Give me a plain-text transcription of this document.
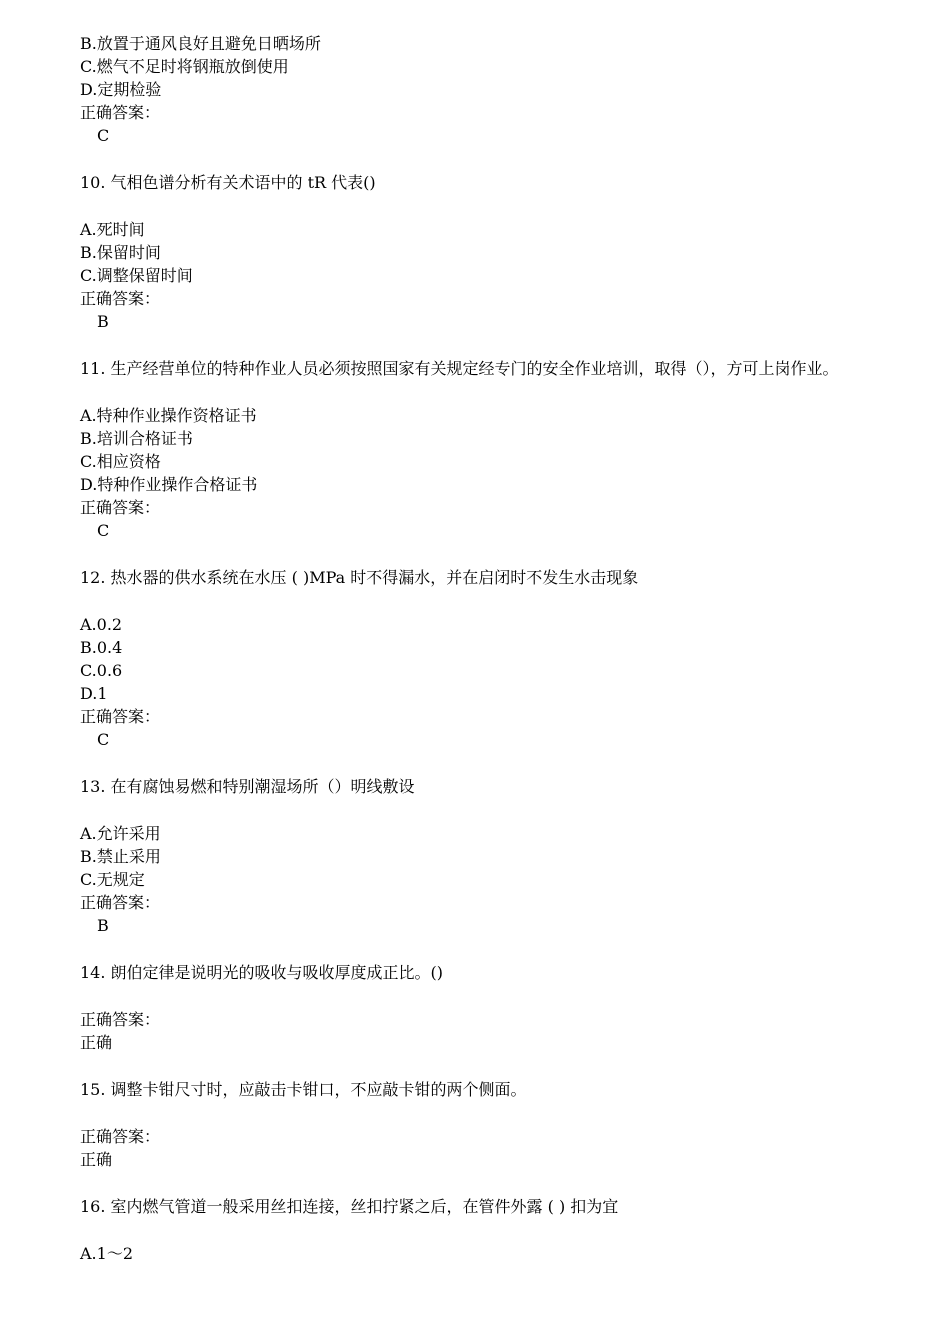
B.放置于通风良好且避免日晒场所
C.燃气不足时将钢瓶放倒使用
D.定期检验
正确答案：
C
10. 气相色谱分析有关术语中的 tR 代表()
A.死时间
B.保留时间
C.调整保留时间
正确答案：
B
11. 生产经营单位的特种作业人员必须按照国家有关规定经专门的安全作业培训，取得（），方可上岗作业。
A.特种作业操作资格证书
B.培训合格证书
C.相应资格
D.特种作业操作合格证书
正确答案：
C
12. 热水器的供水系统在水压 ( )MPa 时不得漏水，并在启闭时不发生水击现象
A.0.2
B.0.4
C.0.6
D.1
正确答案：
C
13. 在有腐蚀易燃和特别潮湿场所（）明线敷设
A.允许采用
B.禁止采用
C.无规定
正确答案：
B
14. 朗伯定律是说明光的吸收与吸收厚度成正比。()
正确答案：
正确
15. 调整卡钳尺寸时，应敲击卡钳口，不应敲卡钳的两个侧面。
正确答案：
正确
16. 室内燃气管道一般采用丝扣连接，丝扣拧紧之后，在管件外露 ( ) 扣为宜
A.1～2
